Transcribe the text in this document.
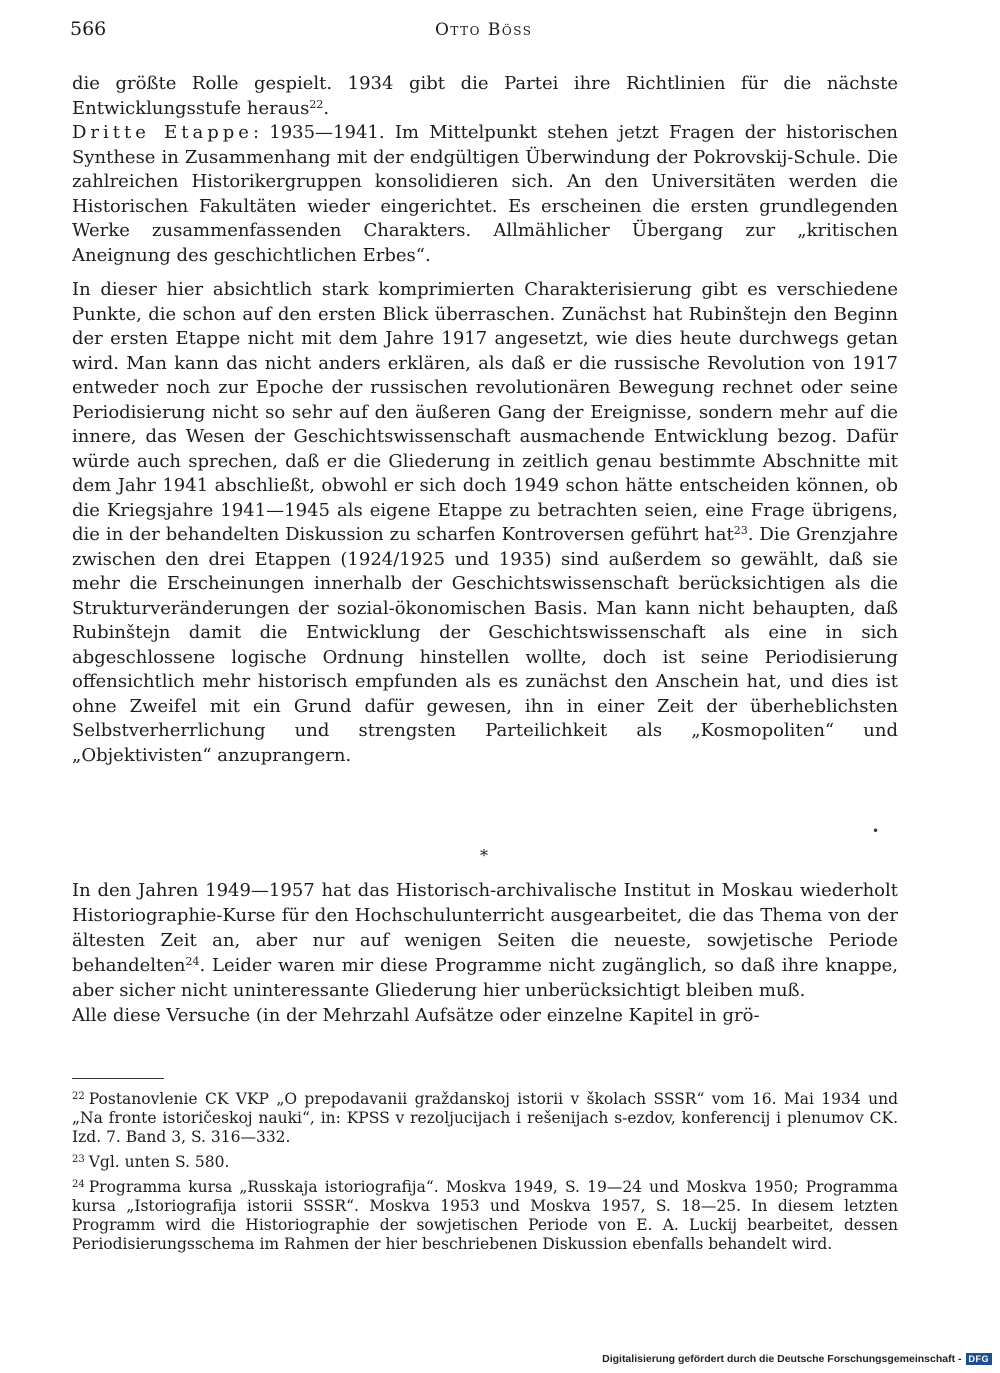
566	Otto Böss

die größte Rolle gespielt. 1934 gibt die Partei ihre Richtlinien für die nächste Entwicklungsstufe heraus$^{22}$.

Dritte Etappe: 1935—1941. Im Mittelpunkt stehen jetzt Fragen der historischen Synthese in Zusammenhang mit der endgültigen Überwindung der Pokrovskij-Schule. Die zahlreichen Historikergruppen konsolidieren sich. An den Universitäten werden die Historischen Fakultäten wieder eingerichtet. Es erscheinen die ersten grundlegenden Werke zusammenfassenden Charakters. Allmählicher Übergang zur „kritischen Aneignung des geschichtlichen Erbes“.

In dieser hier absichtlich stark komprimierten Charakterisierung gibt es verschiedene Punkte, die schon auf den ersten Blick überraschen. Zunächst hat Rubinštejn den Beginn der ersten Etappe nicht mit dem Jahre 1917 angesetzt, wie dies heute durchwegs getan wird. Man kann das nicht anders erklären, als daß er die russische Revolution von 1917 entweder noch zur Epoche der russischen revolutionären Bewegung rechnet oder seine Periodisierung nicht so sehr auf den äußeren Gang der Ereignisse, sondern mehr auf die innere, das Wesen der Geschichtswissenschaft ausmachende Entwicklung bezog. Dafür würde auch sprechen, daß er die Gliederung in zeitlich genau bestimmte Abschnitte mit dem Jahr 1941 abschließt, obwohl er sich doch 1949 schon hätte entscheiden können, ob die Kriegsjahre 1941—1945 als eigene Etappe zu betrachten seien, eine Frage übrigens, die in der behandelten Diskussion zu scharfen Kontroversen geführt hat$^{23}$. Die Grenzjahre zwischen den drei Etappen (1924/1925 und 1935) sind außerdem so gewählt, daß sie mehr die Erscheinungen innerhalb der Geschichtswissenschaft berücksichtigen als die Strukturveränderungen der sozial-ökonomischen Basis. Man kann nicht behaupten, daß Rubinštejn damit die Entwicklung der Geschichtswissenschaft als eine in sich abgeschlossene logische Ordnung hinstellen wollte, doch ist seine Periodisierung offensichtlich mehr historisch empfunden als es zunächst den Anschein hat, und dies ist ohne Zweifel mit ein Grund dafür gewesen, ihn in einer Zeit der überheblichsten Selbstverherrlichung und strengsten Parteilichkeit als „Kosmopoliten“ und „Objektivisten“ anzuprangern.

•
*

In den Jahren 1949—1957 hat das Historisch-archivalische Institut in Moskau wiederholt Historiographie-Kurse für den Hochschulunterricht ausgearbeitet, die das Thema von der ältesten Zeit an, aber nur auf wenigen Seiten die neueste, sowjetische Periode behandelten$^{24}$. Leider waren mir diese Programme nicht zugänglich, so daß ihre knappe, aber sicher nicht uninteressante Gliederung hier unberücksichtigt bleiben muß.

Alle diese Versuche (in der Mehrzahl Aufsätze oder einzelne Kapitel in grö-

$^{22}$ Postanovlenie CK VKP „O prepodavanii graždanskoj istorii v školach SSSR“ vom 16. Mai 1934 und „Na fronte istoričeskoj nauki“, in: KPSS v rezoljucijach i rešenijach s-ezdov, konferencij i plenumov CK. Izd. 7. Band 3, S. 316—332.

$^{23}$ Vgl. unten S. 580.

$^{24}$ Programma kursa „Russkaja istoriografija“. Moskva 1949, S. 19—24 und Moskva 1950; Programma kursa „Istoriografija istorii SSSR“. Moskva 1953 und Moskva 1957, S. 18—25. In diesem letzten Programm wird die Historiographie der sowjetischen Periode von E. A. Luckij bearbeitet, dessen Periodisierungsschema im Rahmen der hier beschriebenen Diskussion ebenfalls behandelt wird.

Digitalisierung gefördert durch die Deutsche Forschungsgemeinschaft - DFG
